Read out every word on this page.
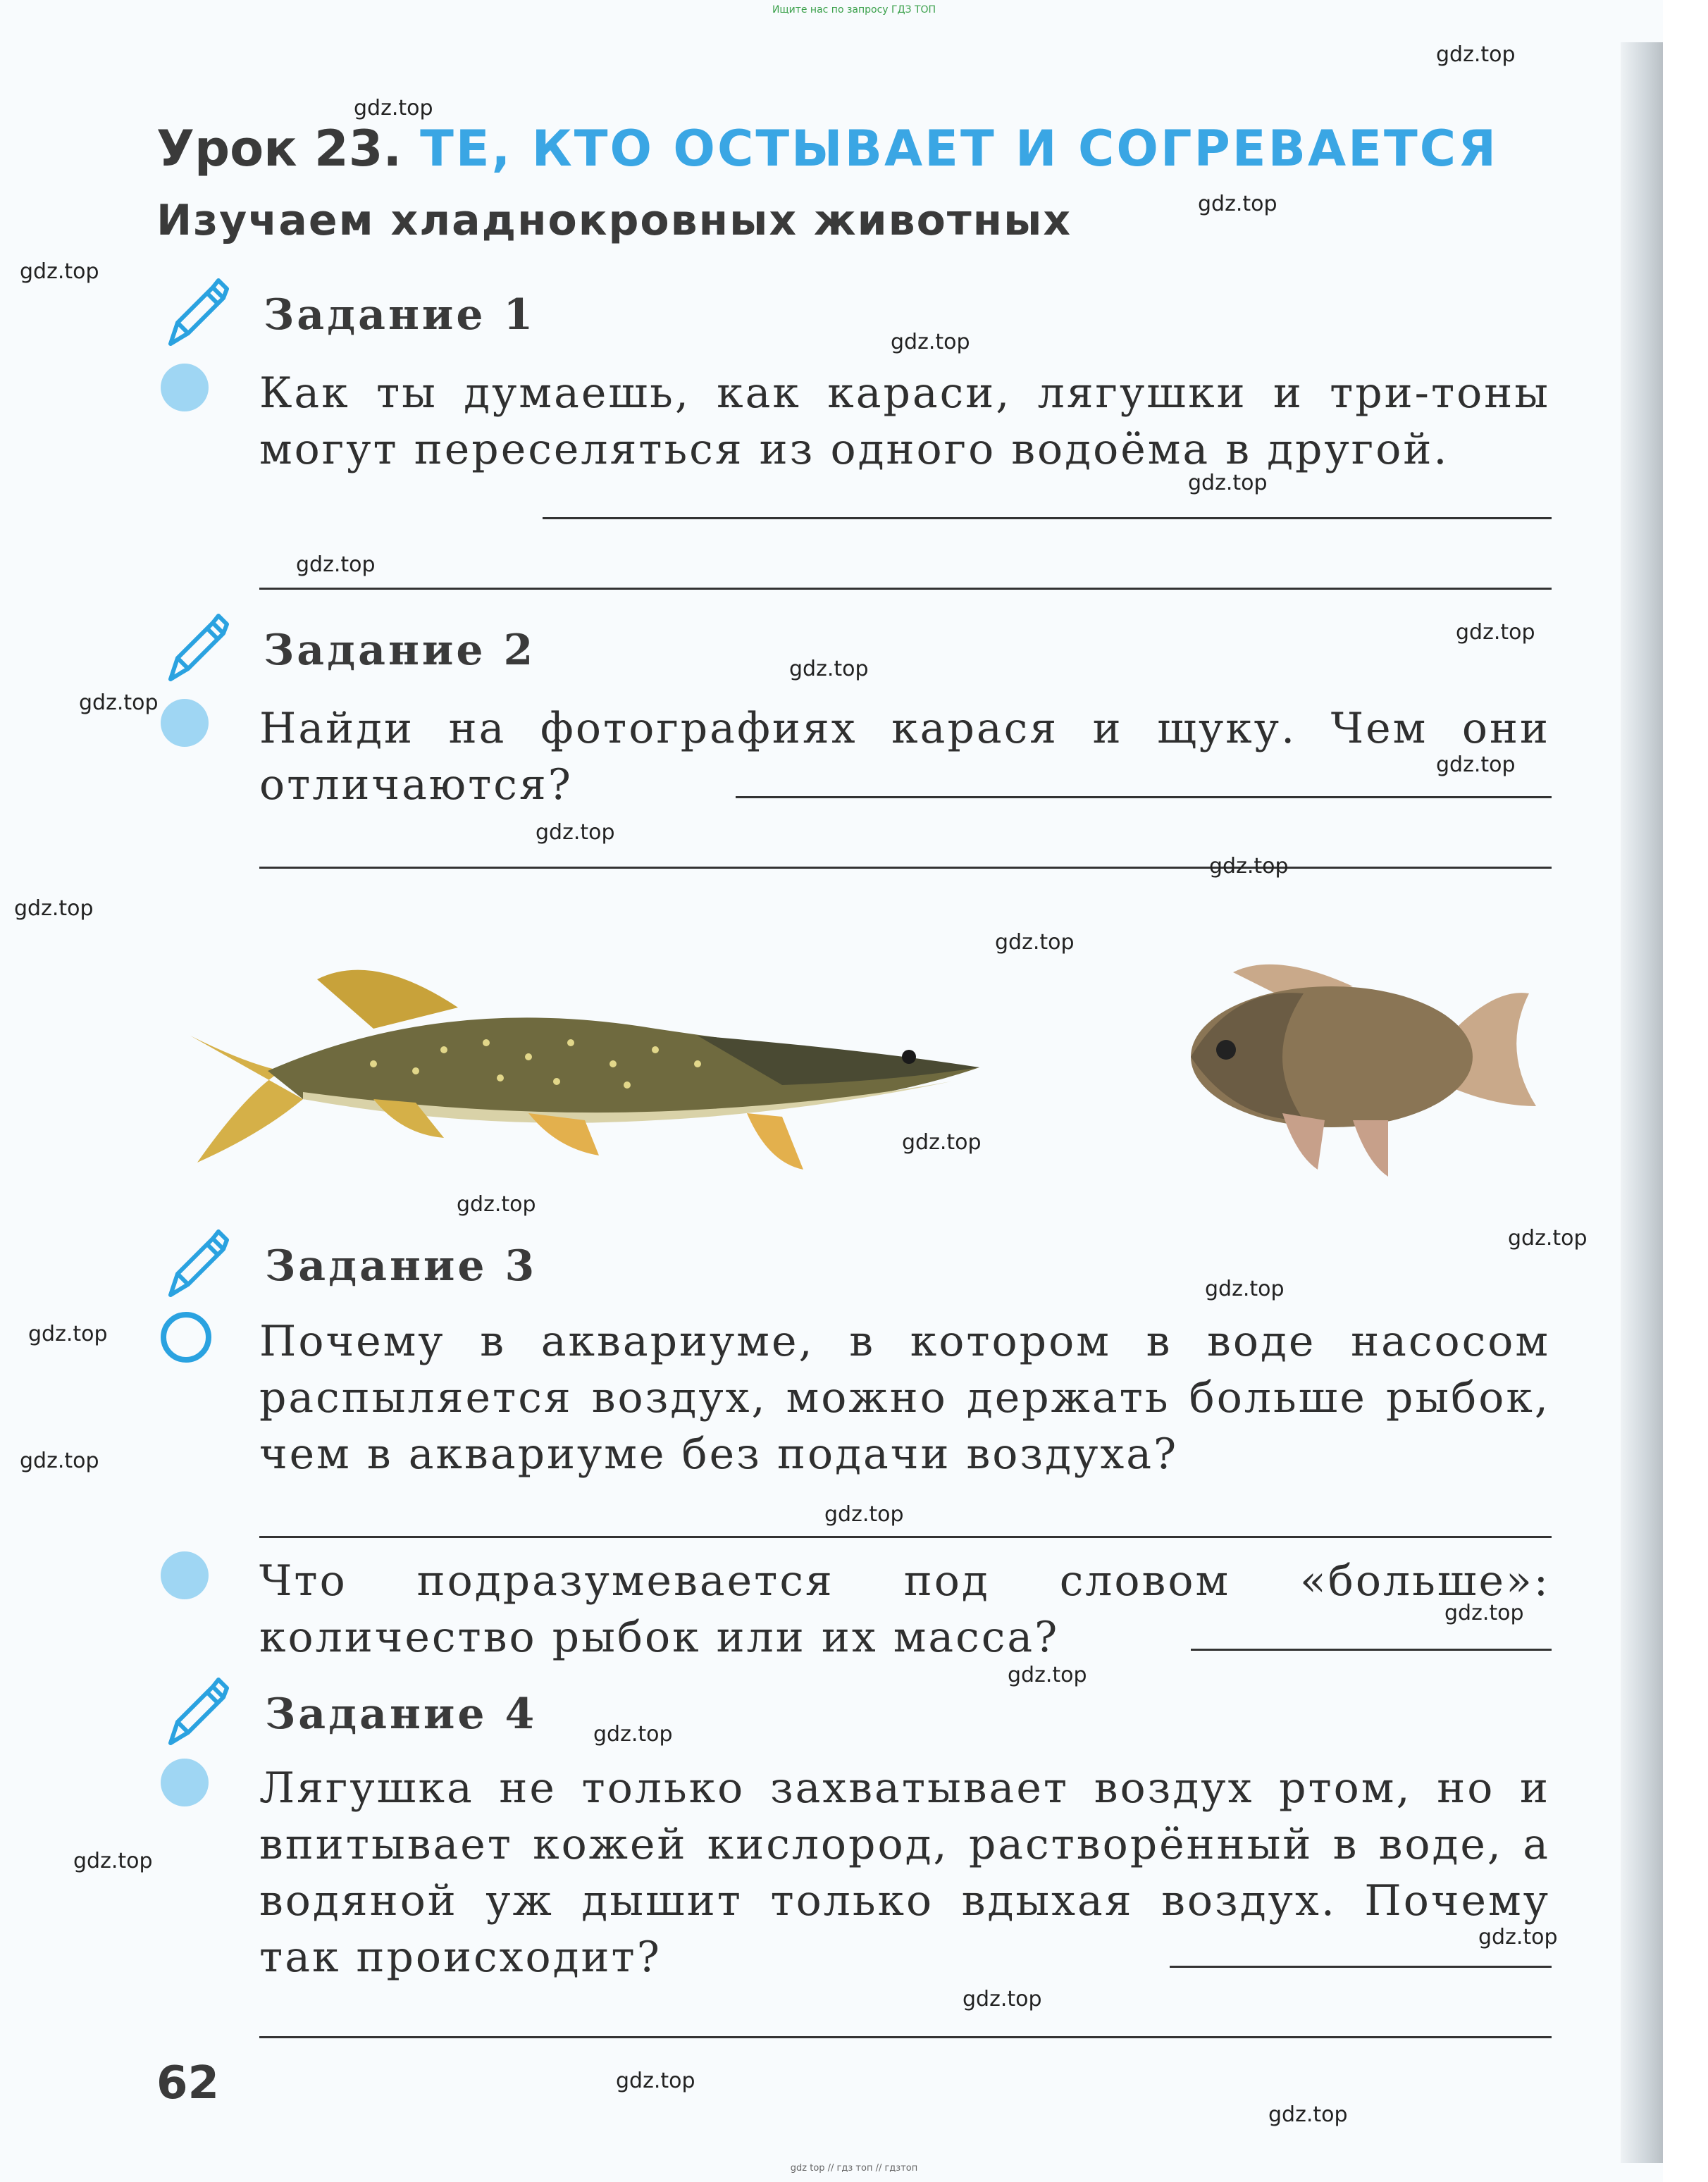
Ищите нас по запросу ГДЗ ТОП
Урок 23. ТЕ, КТО ОСТЫВАЕТ И СОГРЕВАЕТСЯ
Изучаем хладнокровных животных
Задание 1
Как ты думаешь, как караси, лягушки и три-тоны могут переселяться из одного водоёма в другой.
Задание 2
Найди на фотографиях карася и щуку. Чем они отличаются?
Задание 3
Почему в аквариуме, в котором в воде насосом распыляется воздух, можно держать больше рыбок, чем в аквариуме без подачи воздуха?
Что подразумевается под словом «больше»: количество рыбок или их масса?
Задание 4
Лягушка не только захватывает воздух ртом, но и впитывает кожей кислород, растворённый в воде, а водяной уж дышит только вдыхая воздух. Почему так происходит?
62
gdz.top
gdz.top
gdz.top
gdz.top
gdz.top
gdz.top
gdz.top
gdz.top
gdz.top
gdz.top
gdz.top
gdz.top
gdz.top
gdz.top
gdz.top
gdz.top
gdz.top
gdz.top
gdz.top
gdz.top
gdz.top
gdz.top
gdz.top
gdz.top
gdz.top
gdz.top
gdz.top
gdz.top
gdz.top
gdz.top
gdz top // гдз топ // гдзтоп
